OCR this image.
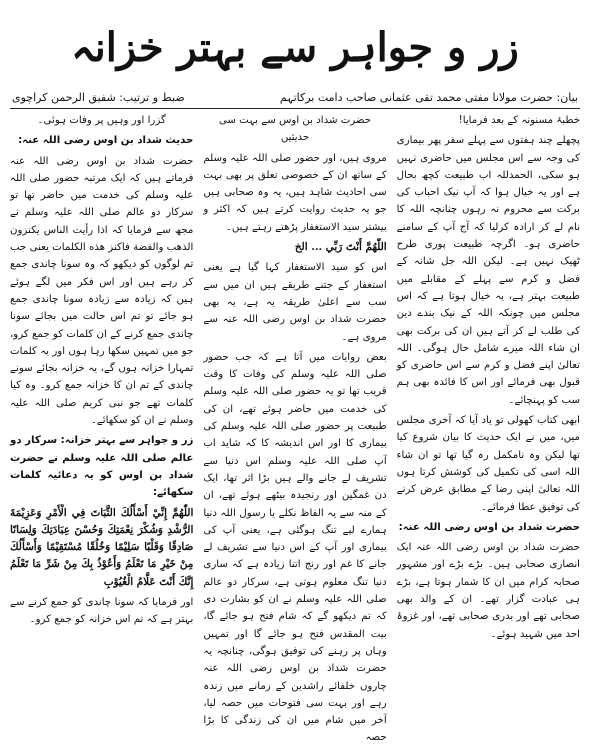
زر و جواہر سے بہتر خزانہ
بیان: حضرت مولانا مفتی محمد تقی عثمانی صاحب دامت برکاتہم
ضبط و ترتیب: شفیق الرحمن کراچوی

خطبۂ مسنونہ کے بعد فرمایا!

پچھلے چند ہفتوں سے پہلے سفر پھر بیماری کی وجہ سے اس مجلس میں حاضری نہیں ہو سکی، الحمدللہ اب طبیعت کچھ بحال ہے اور یہ خیال ہوا کہ آپ نیک احباب کی برکت سے محروم نہ رہوں چنانچہ اللہ کا نام لے کر ارادہ کرلیا کہ آج آپ کے سامنے حاضری ہو۔ اگرچہ طبیعت پوری طرح ٹھیک نہیں ہے۔ لیکن اللہ جل شانہ کے فضل و کرم سے پہلے کے مقابلے میں طبیعت بہتر ہے، یہ خیال ہوتا ہے کہ اس مجلس میں چونکہ اللہ کے نیک بندے دین کی طلب لے کر آتے ہیں ان کی برکت بھی ان شاء اللہ میرے شامل حال ہوگی۔ اللہ تعالیٰ اپنے فضل و کرم سے اس حاضری کو قبول بھی فرمائے اور اس کا فائدہ بھی ہم سب کو پہنچائے۔

ابھی کتاب کھولی تو یاد آیا کہ آخری مجلس میں، میں نے ایک حدیث کا بیان شروع کیا تھا لیکن وہ نامکمل رہ گیا تھا تو ان شاء اللہ اسی کی تکمیل کی کوشش کرتا ہوں اللہ تعالیٰ اپنی رضا کے مطابق عرض کرنے کی توفیق عطا فرمائے۔

حضرت شداد بن اوس رضی اللہ عنہ:

حضرت شداد بن اوس رضی اللہ عنہ ایک انصاری صحابی ہیں۔ بڑے بڑے اور مشہور صحابہ کرام میں ان کا شمار ہوتا ہے، بڑے ہی عبادت گزار تھے۔ ان کے والد بھی صحابی تھے اور بدری صحابی تھے، اور غزوۂ احد میں شہید ہوئے۔

حضرت شداد بن اوس سے بہت سی حدیثیں

مروی ہیں، اور حضور صلی اللہ علیہ وسلم کے ساتھ ان کے خصوصی تعلق پر بھی بہت سی احادیث شاہد ہیں، یہ وہ صحابی ہیں جو یہ حدیث روایت کرتے ہیں کہ اکثر و بیشتر سید الاستغفار پڑھتے رہتے ہیں۔

اللّٰهُمَّ أَنْتَ رَبِّي ... الخ

اس کو سید الاستغفار کہا گیا ہے یعنی استغفار کے جتنے طریقے ہیں ان میں سے سب سے اعلیٰ طریقہ یہ ہے، یہ بھی حضرت شداد بن اوس رضی اللہ عنہ سے مروی ہے۔

بعض روایات میں آتا ہے کہ جب حضور صلی اللہ علیہ وسلم کی وفات کا وقت قریب تھا تو یہ حضور صلی اللہ علیہ وسلم کی خدمت میں حاضر ہوئے تھے، ان کی طبیعت پر حضور صلی اللہ علیہ وسلم کی بیماری کا اور اس اندیشہ کا کہ شاید اب آپ صلی اللہ علیہ وسلم اس دنیا سے تشریف لے جانے والے ہیں بڑا اثر تھا، ایک دن غمگین اور رنجیدہ بیٹھے ہوئے تھے، ان کے منہ سے یہ الفاظ نکلے یا رسول اللہ دنیا ہمارے لیے تنگ ہوگئی ہے، یعنی آپ کی بیماری اور آپ کے اس دنیا سے تشریف لے جانے کا غم اور رنج اتنا زیادہ ہے کہ ساری دنیا تنگ معلوم ہوتی ہے، سرکار دو عالم صلی اللہ علیہ وسلم نے ان کو بشارت دی کہ تم دیکھو گے کہ شام فتح ہو جائے گا، بیت المقدس فتح ہو جائے گا اور تمہیں وہاں پر رہنے کی توفیق ہوگی، چنانچہ یہ حضرت شداد بن اوس رضی اللہ عنہ چاروں خلفائے راشدین کے زمانے میں زندہ رہے اور بہت سی فتوحات میں حصہ لیا، آخر میں شام میں ان کی زندگی کا بڑا حصہ

گزرا اور وہیں پر وفات ہوئی۔

حدیث شداد بن اوس رضی اللہ عنہ:

حضرت شداد بن اوس رضی اللہ عنہ فرماتے ہیں کہ ایک مرتبہ حضور صلی اللہ علیہ وسلم کی خدمت میں حاضر تھا تو سرکار دو عالم صلی اللہ علیہ وسلم نے مجھ سے فرمایا کہ اذا رأيت الناس يكنزون الذهب والفضة فاكنز هذه الكلمات یعنی جب تم لوگوں کو دیکھو کہ وہ سونا چاندی جمع کر رہے ہیں اور اس فکر میں لگے ہوئے ہیں کہ زیادہ سے زیادہ سونا چاندی جمع ہو جائے تو تم اس حالت میں بجائے سونا چاندی جمع کرنے کے ان کلمات کو جمع کرو، جو میں تمہیں سکھا رہا ہوں اور یہ کلمات تمہارا خزانہ ہوں گے، یہ خزانہ بجائے سونے چاندی کے تم ان کا خزانہ جمع کرو۔ وہ کیا کلمات تھے جو نبی کریم صلی اللہ علیہ وسلم نے ان کو سکھائے۔

زر و جواہر سے بہتر خزانہ: سرکار دو عالم صلی اللہ علیہ وسلم نے حضرت شداد بن اوس کو یہ دعائیہ کلمات سکھائے:

اللّٰهُمَّ إِنِّيْ أَسْأَلُكَ الثَّبَاتَ فِي الْأَمْرِ وَعَزِيْمَةَ الرُّشْدِ وَشُكْرَ نِعْمَتِكَ وَحُسْنَ عِبَادَتِكَ وَلِسَانًا صَادِقًا وَقَلْبًا سَلِيْمًا وَخُلُقًا مُسْتَقِيْمًا وَأَسْأَلُكَ مِنْ خَيْرِ مَا تَعْلَمُ وَأَعُوْذُ بِكَ مِنْ شَرِّ مَا تَعْلَمُ إِنَّكَ أَنْتَ عَلَّامُ الْغُيُوْبِ

اور فرمایا کہ سونا چاندی کو جمع کرنے سے بہتر ہے کہ تم اس خزانہ کو جمع کرو۔
